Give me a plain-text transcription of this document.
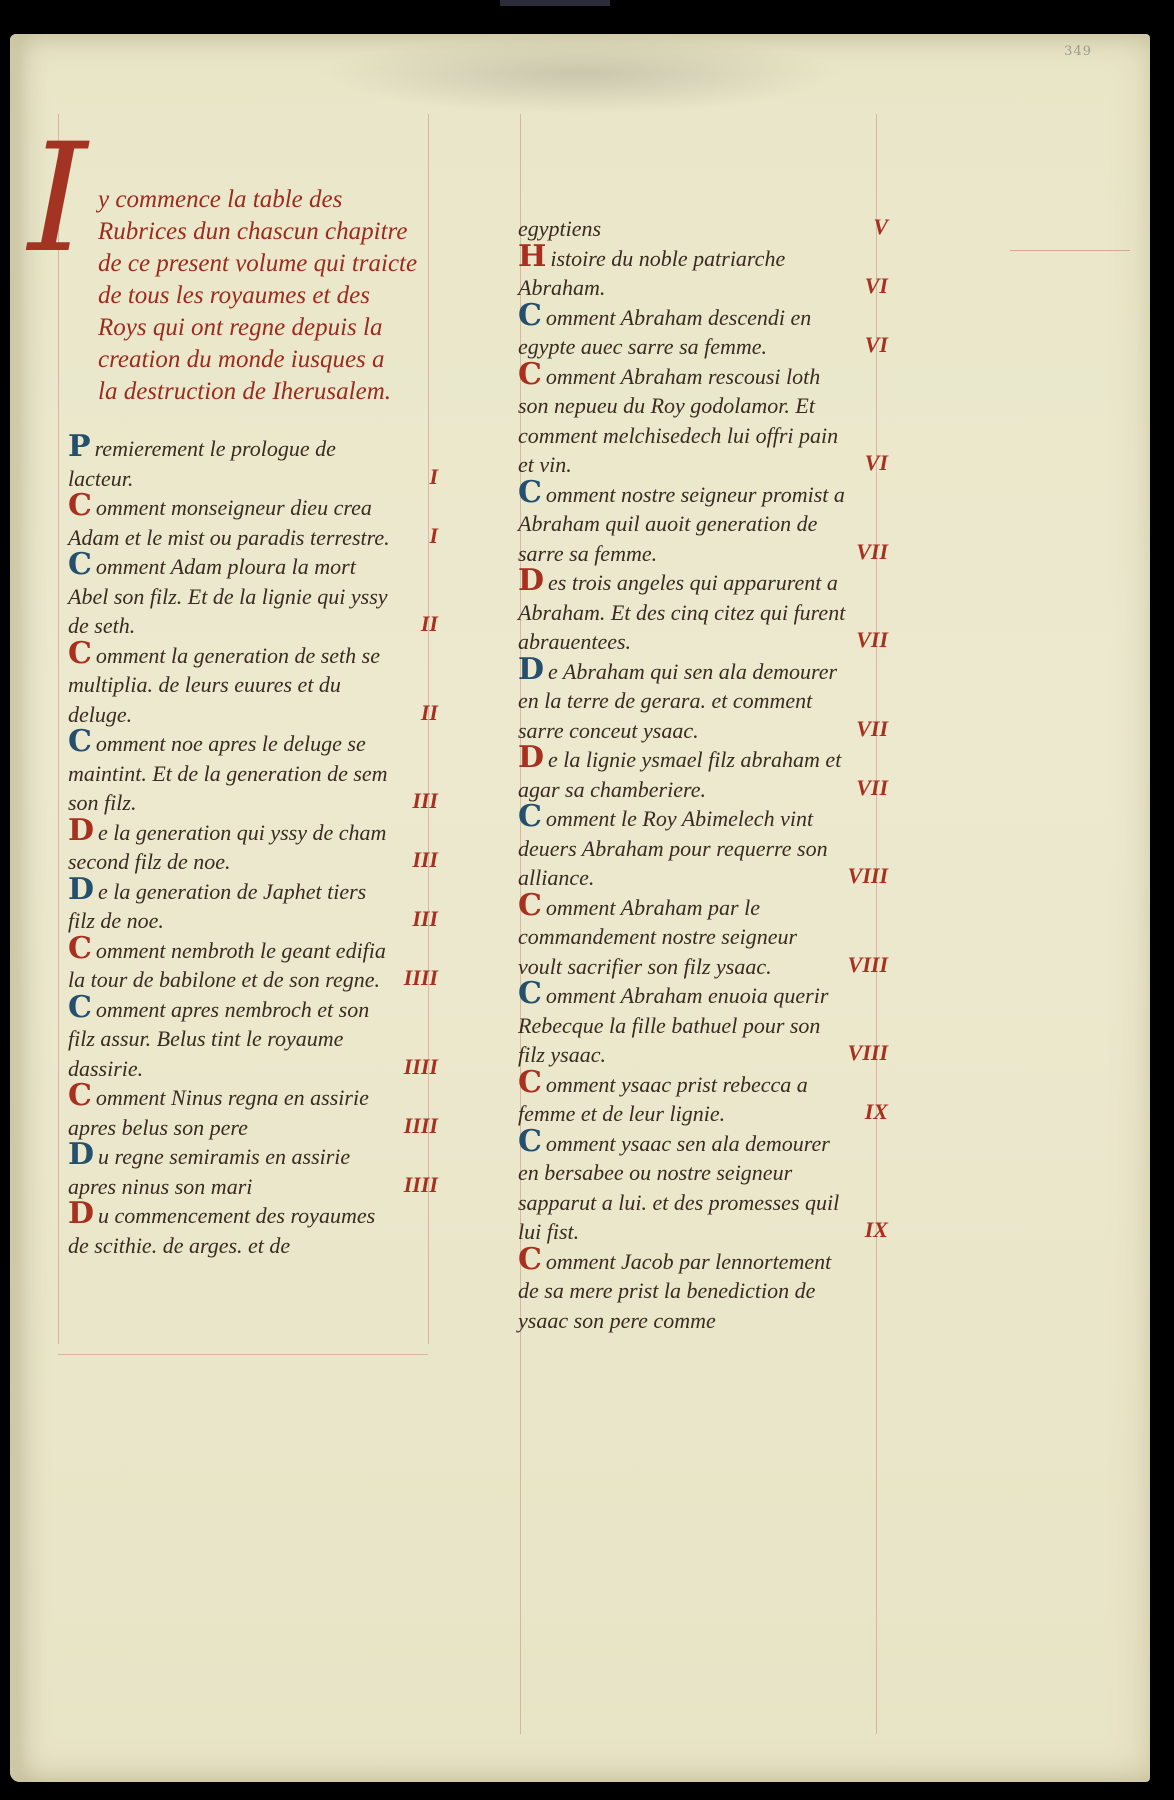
349
I y commence la table des
Rubrices dun chascun chapitre
de ce present volume qui traicte
de tous les royaumes et des
Roys qui ont regne depuis la
creation du monde iusques a
la destruction de Iherusalem.
P remierement le prologue de lacteur.	I
C omment monseigneur dieu crea Adam et le mist ou paradis terrestre. I
C omment Adam ploura la mort Abel son filz. Et de la lignie qui yssy de seth.	II
C omment la generation de seth se multiplia. de leurs euures et du deluge.	II
C omment noe apres le deluge se maintint. Et de la generation de sem son filz.	III
D e la generation qui yssy de cham second filz de noe.	III
D e la generation de Japhet tiers filz de noe.	III
C omment nembroth le geant edifia la tour de babilone et de son regne. IIII
C omment apres nembroch et son filz assur. Belus tint le royaume dassirie.	IIII
C omment Ninus regna en assirie apres belus son pere	IIII
D u regne semiramis en assirie apres ninus son mari	IIII
D u commencement des royaumes de scithie. de arges. et de
egyptiens	V
H istoire du noble patriarche Abraham.	VI
C omment Abraham descendi en egypte auec sarre sa femme.	VI
C omment Abraham rescousi loth son nepueu du Roy godolamor. Et comment melchisedech lui offri pain et vin.	VI
C omment nostre seigneur promist a Abraham quil auoit generation de sarre sa femme.	VII
D es trois angeles qui apparurent a Abraham. Et des cinq citez qui furent abrauentees.	VII
D e Abraham qui sen ala demourer en la terre de gerara. et comment sarre conceut ysaac.	VII
D e la lignie ysmael filz abraham et agar sa chamberiere.	VII
C omment le Roy Abimelech vint deuers Abraham pour requerre son alliance.	VIII
C omment Abraham par le commandement nostre seigneur voult sacrifier son filz ysaac.	VIII
C omment Abraham enuoia querir Rebecque la fille bathuel pour son filz ysaac.	VIII
C omment ysaac prist rebecca a femme et de leur lignie.	IX
C omment ysaac sen ala demourer en bersabee ou nostre seigneur sapparut a lui. et des promesses quil lui fist.	IX
C omment Jacob par lennortement de sa mere prist la benediction de ysaac son pere comme
